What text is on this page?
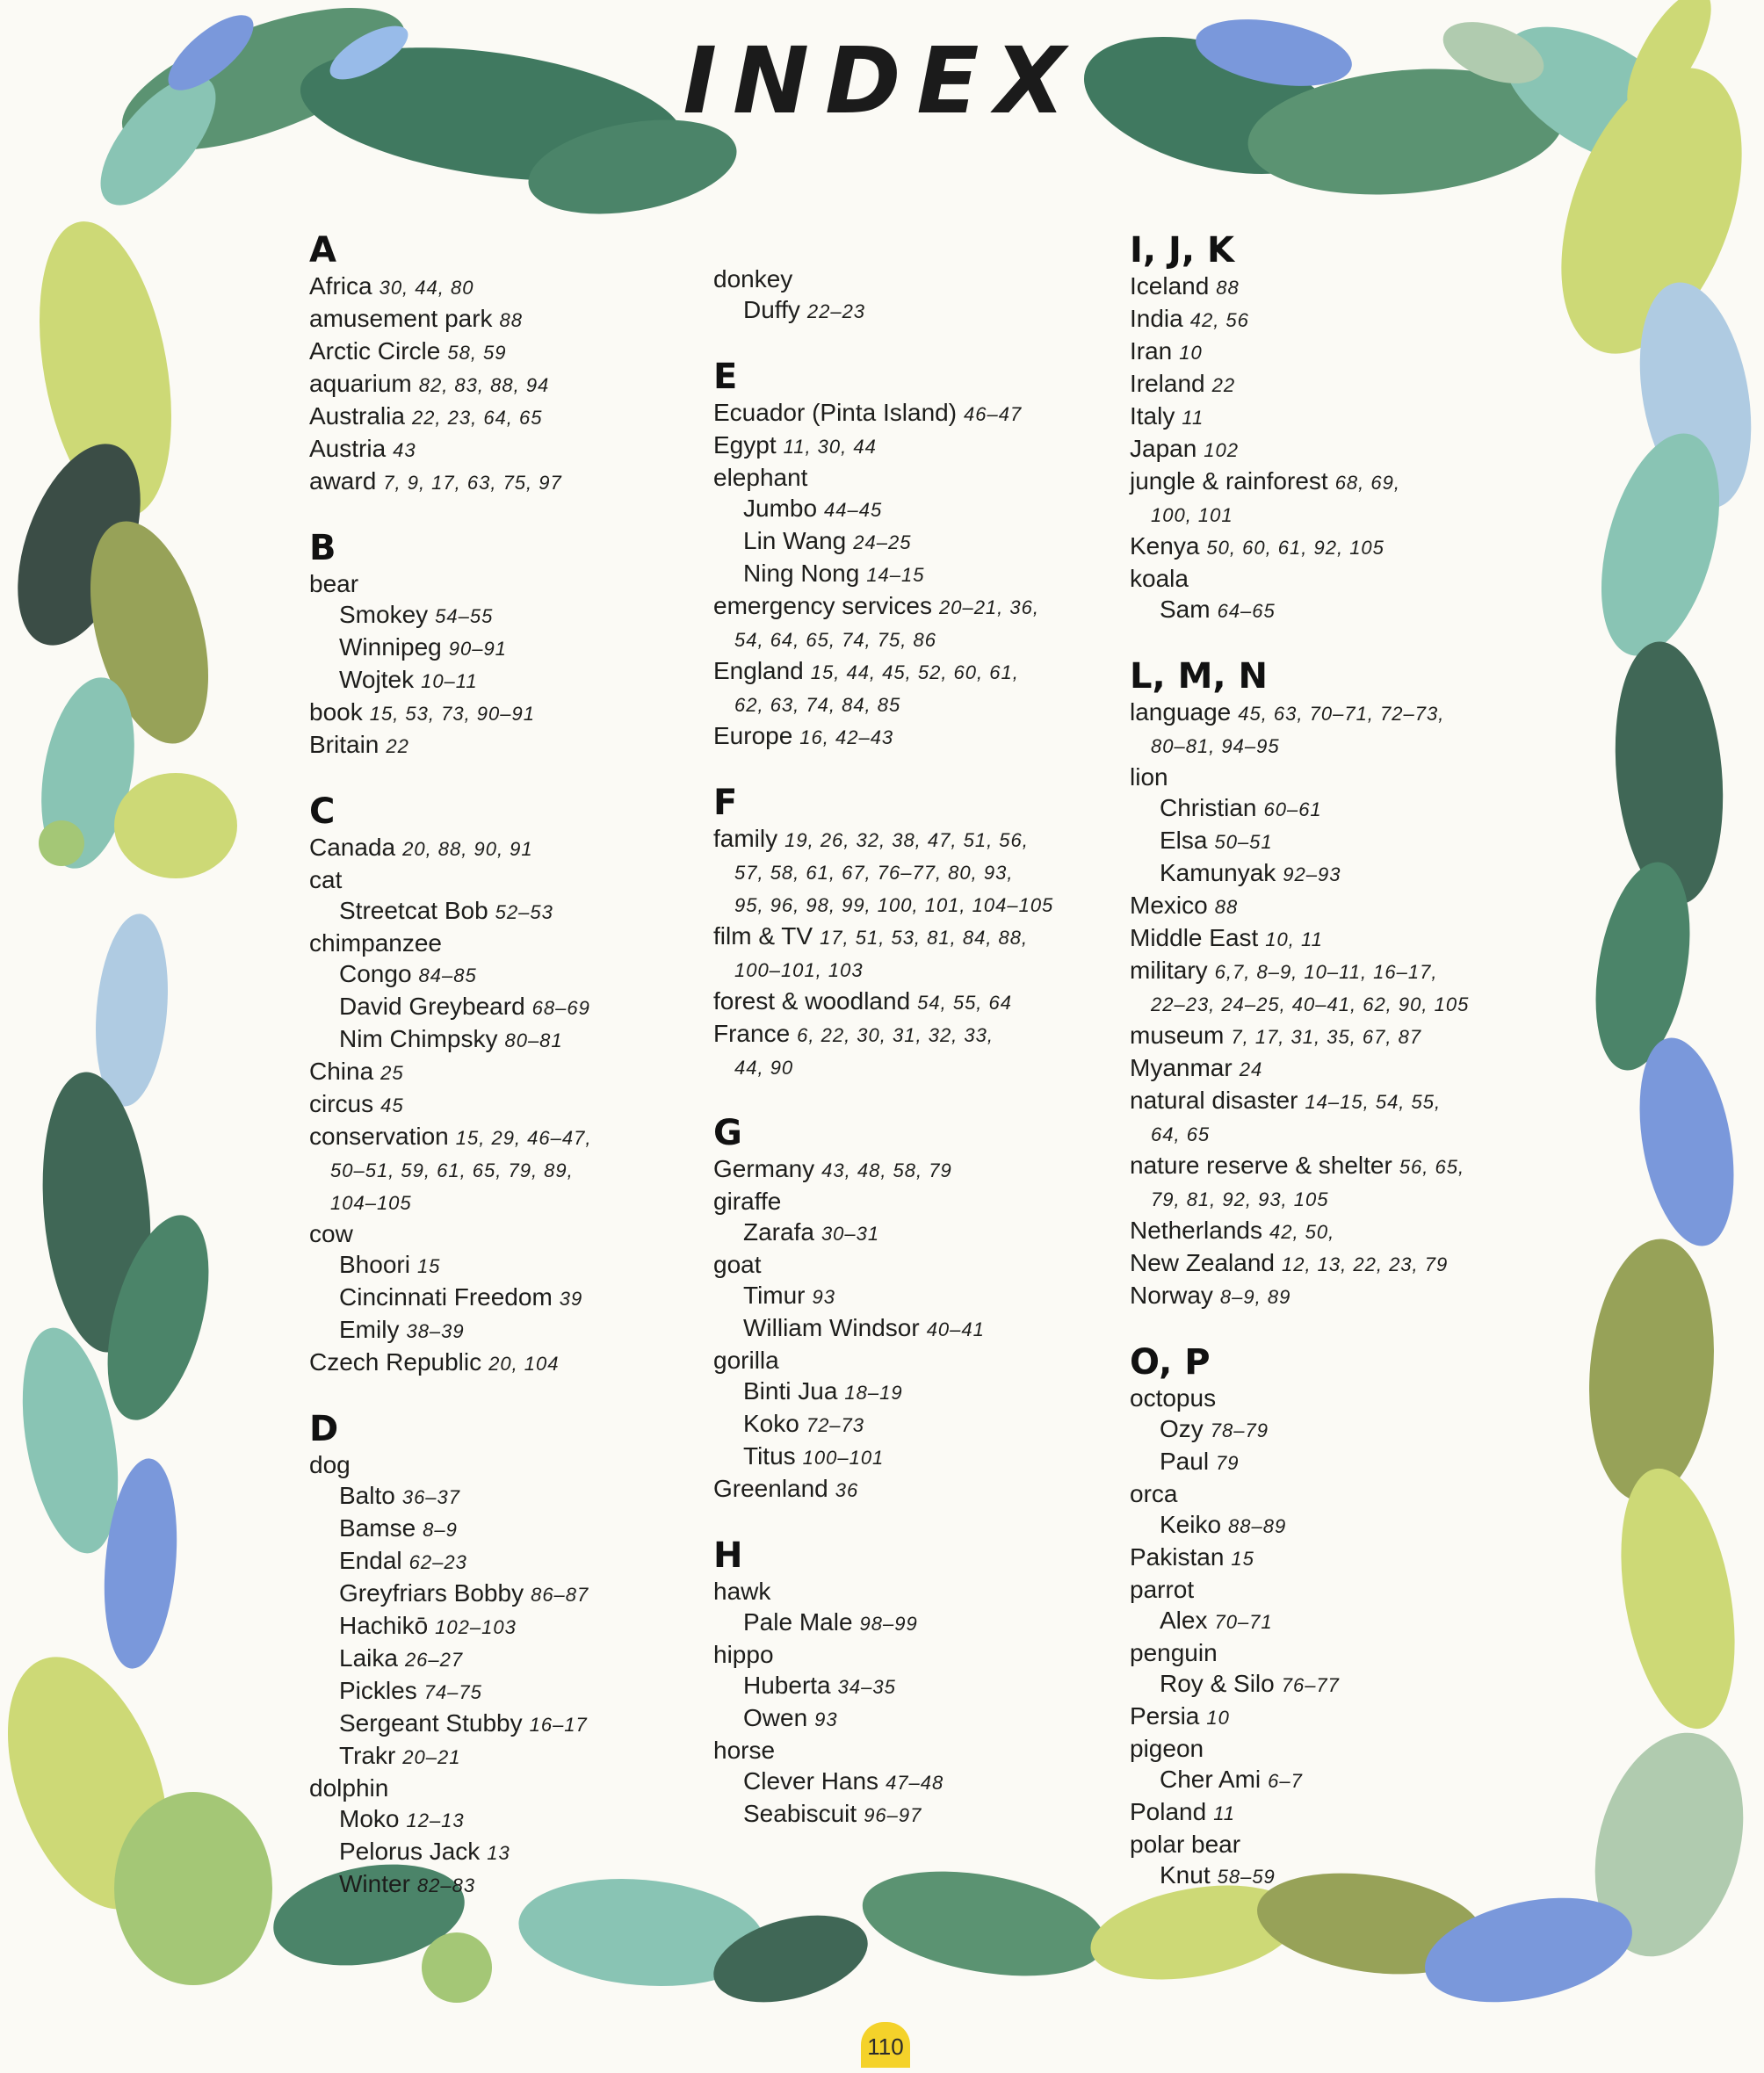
INDEX
A
Africa 30, 44, 80
amusement park 88
Arctic Circle 58, 59
aquarium 82, 83, 88, 94
Australia 22, 23, 64, 65
Austria 43
award 7, 9, 17, 63, 75, 97
B
bear
Smokey 54–55
Winnipeg 90–91
Wojtek 10–11
book 15, 53, 73, 90–91
Britain 22
C
Canada 20, 88, 90, 91
cat
Streetcat Bob 52–53
chimpanzee
Congo 84–85
David Greybeard 68–69
Nim Chimpsky 80–81
China 25
circus 45
conservation 15, 29, 46–47,
50–51, 59, 61, 65, 79, 89,
104–105
cow
Bhoori 15
Cincinnati Freedom 39
Emily 38–39
Czech Republic 20, 104
D
dog
Balto 36–37
Bamse 8–9
Endal 62–23
Greyfriars Bobby 86–87
Hachikō 102–103
Laika 26–27
Pickles 74–75
Sergeant Stubby 16–17
Trakr 20–21
dolphin
Moko 12–13
Pelorus Jack 13
Winter 82–83
donkey
Duffy 22–23
E
Ecuador (Pinta Island) 46–47
Egypt 11, 30, 44
elephant
Jumbo 44–45
Lin Wang 24–25
Ning Nong 14–15
emergency services 20–21, 36,
54, 64, 65, 74, 75, 86
England 15, 44, 45, 52, 60, 61,
62, 63, 74, 84, 85
Europe 16, 42–43
F
family 19, 26, 32, 38, 47, 51, 56,
57, 58, 61, 67, 76–77, 80, 93,
95, 96, 98, 99, 100, 101, 104–105
film & TV 17, 51, 53, 81, 84, 88,
100–101, 103
forest & woodland 54, 55, 64
France 6, 22, 30, 31, 32, 33,
44, 90
G
Germany 43, 48, 58, 79
giraffe
Zarafa 30–31
goat
Timur 93
William Windsor 40–41
gorilla
Binti Jua 18–19
Koko 72–73
Titus 100–101
Greenland 36
H
hawk
Pale Male 98–99
hippo
Huberta 34–35
Owen 93
horse
Clever Hans 47–48
Seabiscuit 96–97
I, J, K
Iceland 88
India 42, 56
Iran 10
Ireland 22
Italy 11
Japan 102
jungle & rainforest 68, 69,
100, 101
Kenya 50, 60, 61, 92, 105
koala
Sam 64–65
L, M, N
language 45, 63, 70–71, 72–73,
80–81, 94–95
lion
Christian 60–61
Elsa 50–51
Kamunyak 92–93
Mexico 88
Middle East 10, 11
military 6,7, 8–9, 10–11, 16–17,
22–23, 24–25, 40–41, 62, 90, 105
museum 7, 17, 31, 35, 67, 87
Myanmar 24
natural disaster 14–15, 54, 55,
64, 65
nature reserve & shelter 56, 65,
79, 81, 92, 93, 105
Netherlands 42, 50,
New Zealand 12, 13, 22, 23, 79
Norway 8–9, 89
O, P
octopus
Ozy 78–79
Paul 79
orca
Keiko 88–89
Pakistan 15
parrot
Alex 70–71
penguin
Roy & Silo 76–77
Persia 10
pigeon
Cher Ami 6–7
Poland 11
polar bear
Knut 58–59
110
